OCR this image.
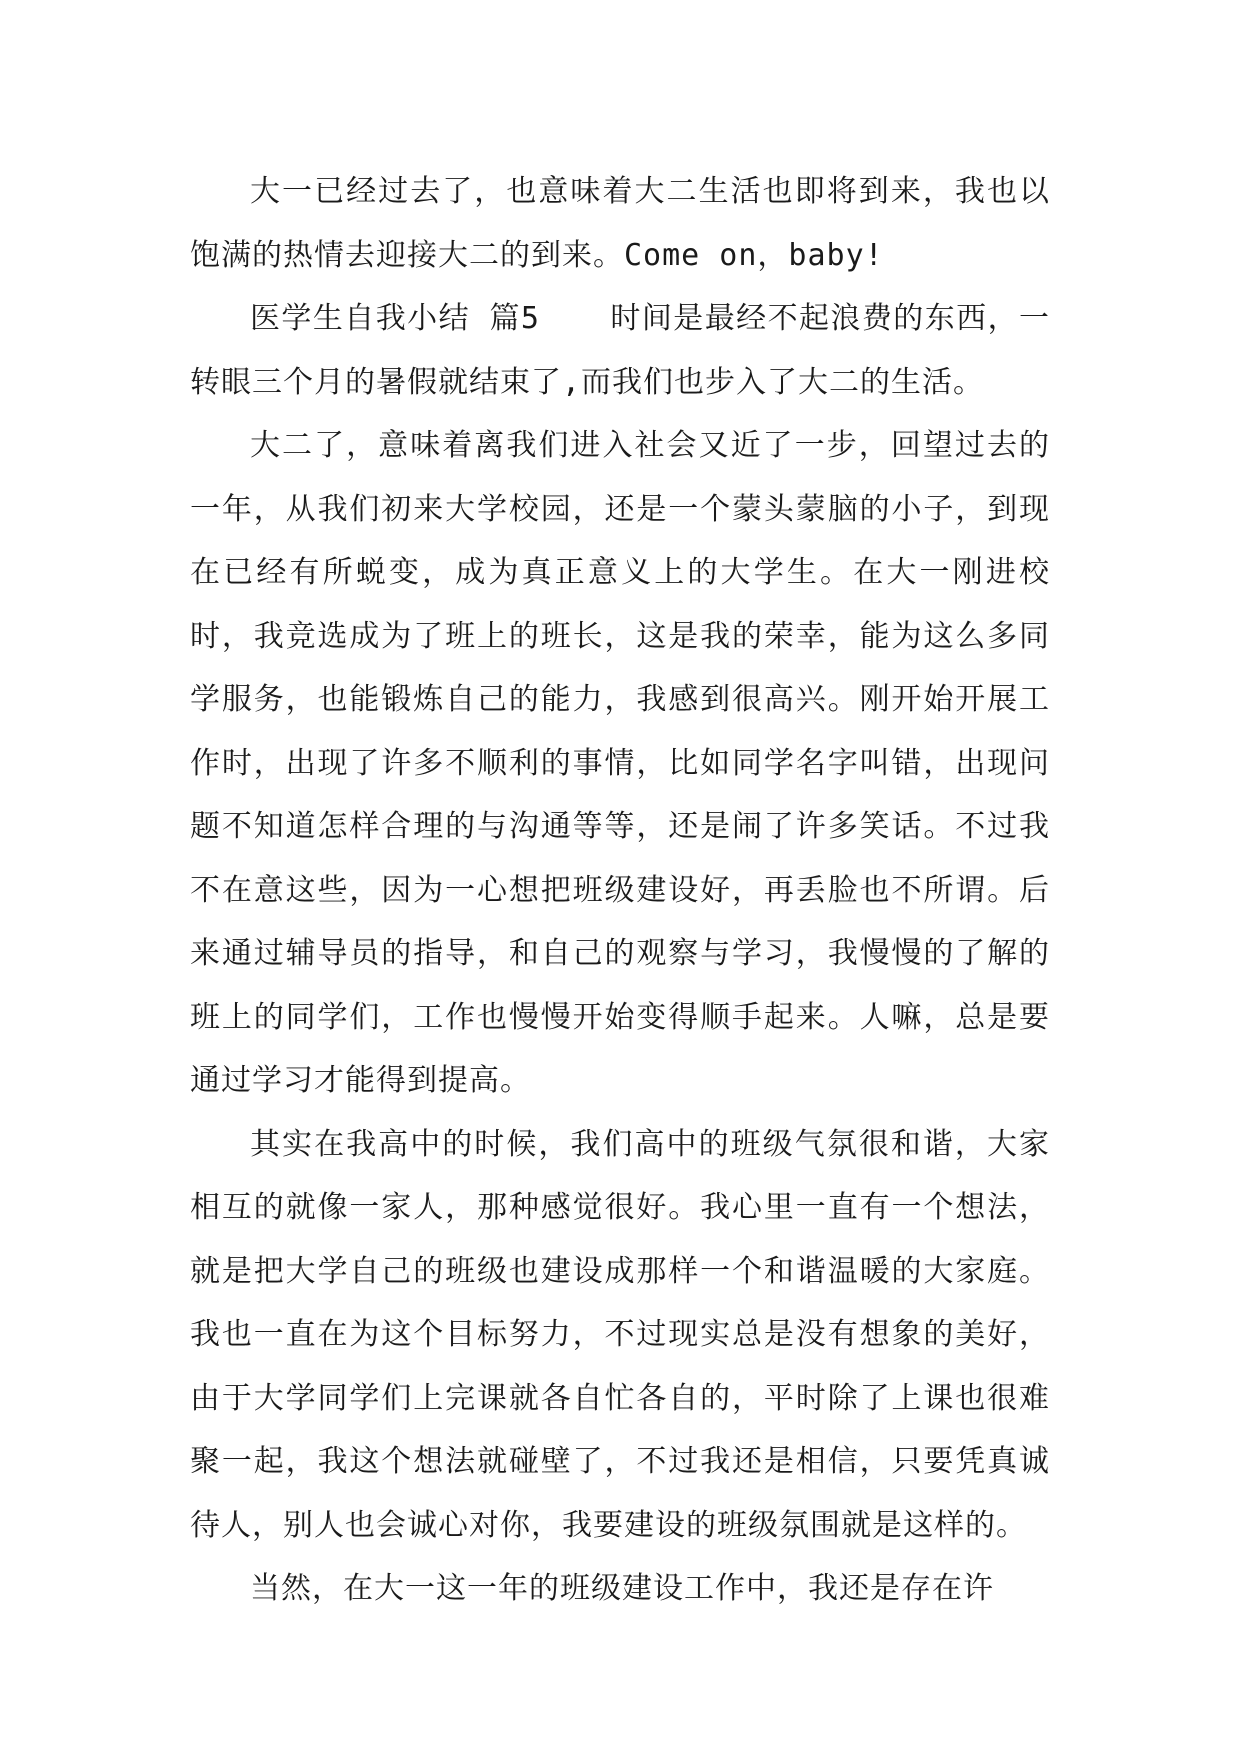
大一已经过去了，也意味着大二生活也即将到来，我也以饱满的热情去迎接大二的到来。Come on，baby!

医学生自我小结 篇5 时间是最经不起浪费的东西，一转眼三个月的暑假就结束了,而我们也步入了大二的生活。

大二了，意味着离我们进入社会又近了一步，回望过去的一年，从我们初来大学校园，还是一个蒙头蒙脑的小子，到现在已经有所蜕变，成为真正意义上的大学生。在大一刚进校时，我竞选成为了班上的班长，这是我的荣幸，能为这么多同学服务，也能锻炼自己的能力，我感到很高兴。刚开始开展工作时，出现了许多不顺利的事情，比如同学名字叫错，出现问题不知道怎样合理的与沟通等等，还是闹了许多笑话。不过我不在意这些，因为一心想把班级建设好，再丢脸也不所谓。后来通过辅导员的指导，和自己的观察与学习，我慢慢的了解的班上的同学们，工作也慢慢开始变得顺手起来。人嘛，总是要通过学习才能得到提高。

其实在我高中的时候，我们高中的班级气氛很和谐，大家相互的就像一家人，那种感觉很好。我心里一直有一个想法，就是把大学自己的班级也建设成那样一个和谐温暖的大家庭。我也一直在为这个目标努力，不过现实总是没有想象的美好，由于大学同学们上完课就各自忙各自的，平时除了上课也很难聚一起，我这个想法就碰壁了，不过我还是相信，只要凭真诚待人，别人也会诚心对你，我要建设的班级氛围就是这样的。

当然，在大一这一年的班级建设工作中，我还是存在许
